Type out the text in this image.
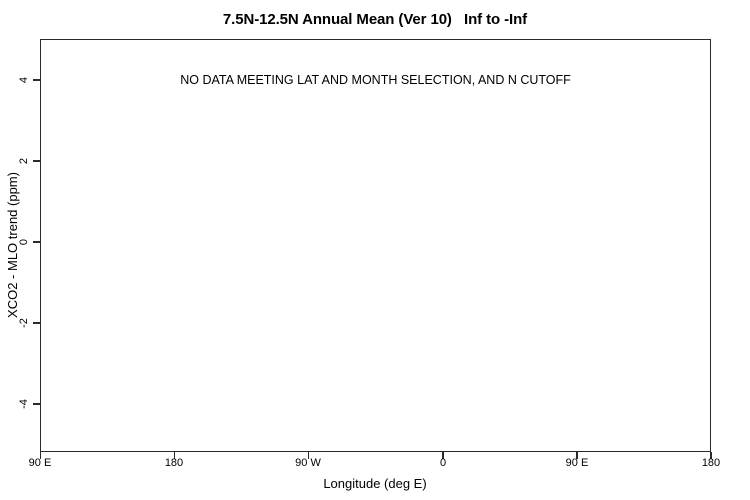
7.5N-12.5N Annual Mean (Ver 10)   Inf to -Inf
XCO2 - MLO trend (ppm)
NO DATA MEETING LAT AND MONTH SELECTION, AND N CUTOFF
4
2
0
-2
-4
90 E	180	90 W	0	90 E	180
Longitude (deg E)
